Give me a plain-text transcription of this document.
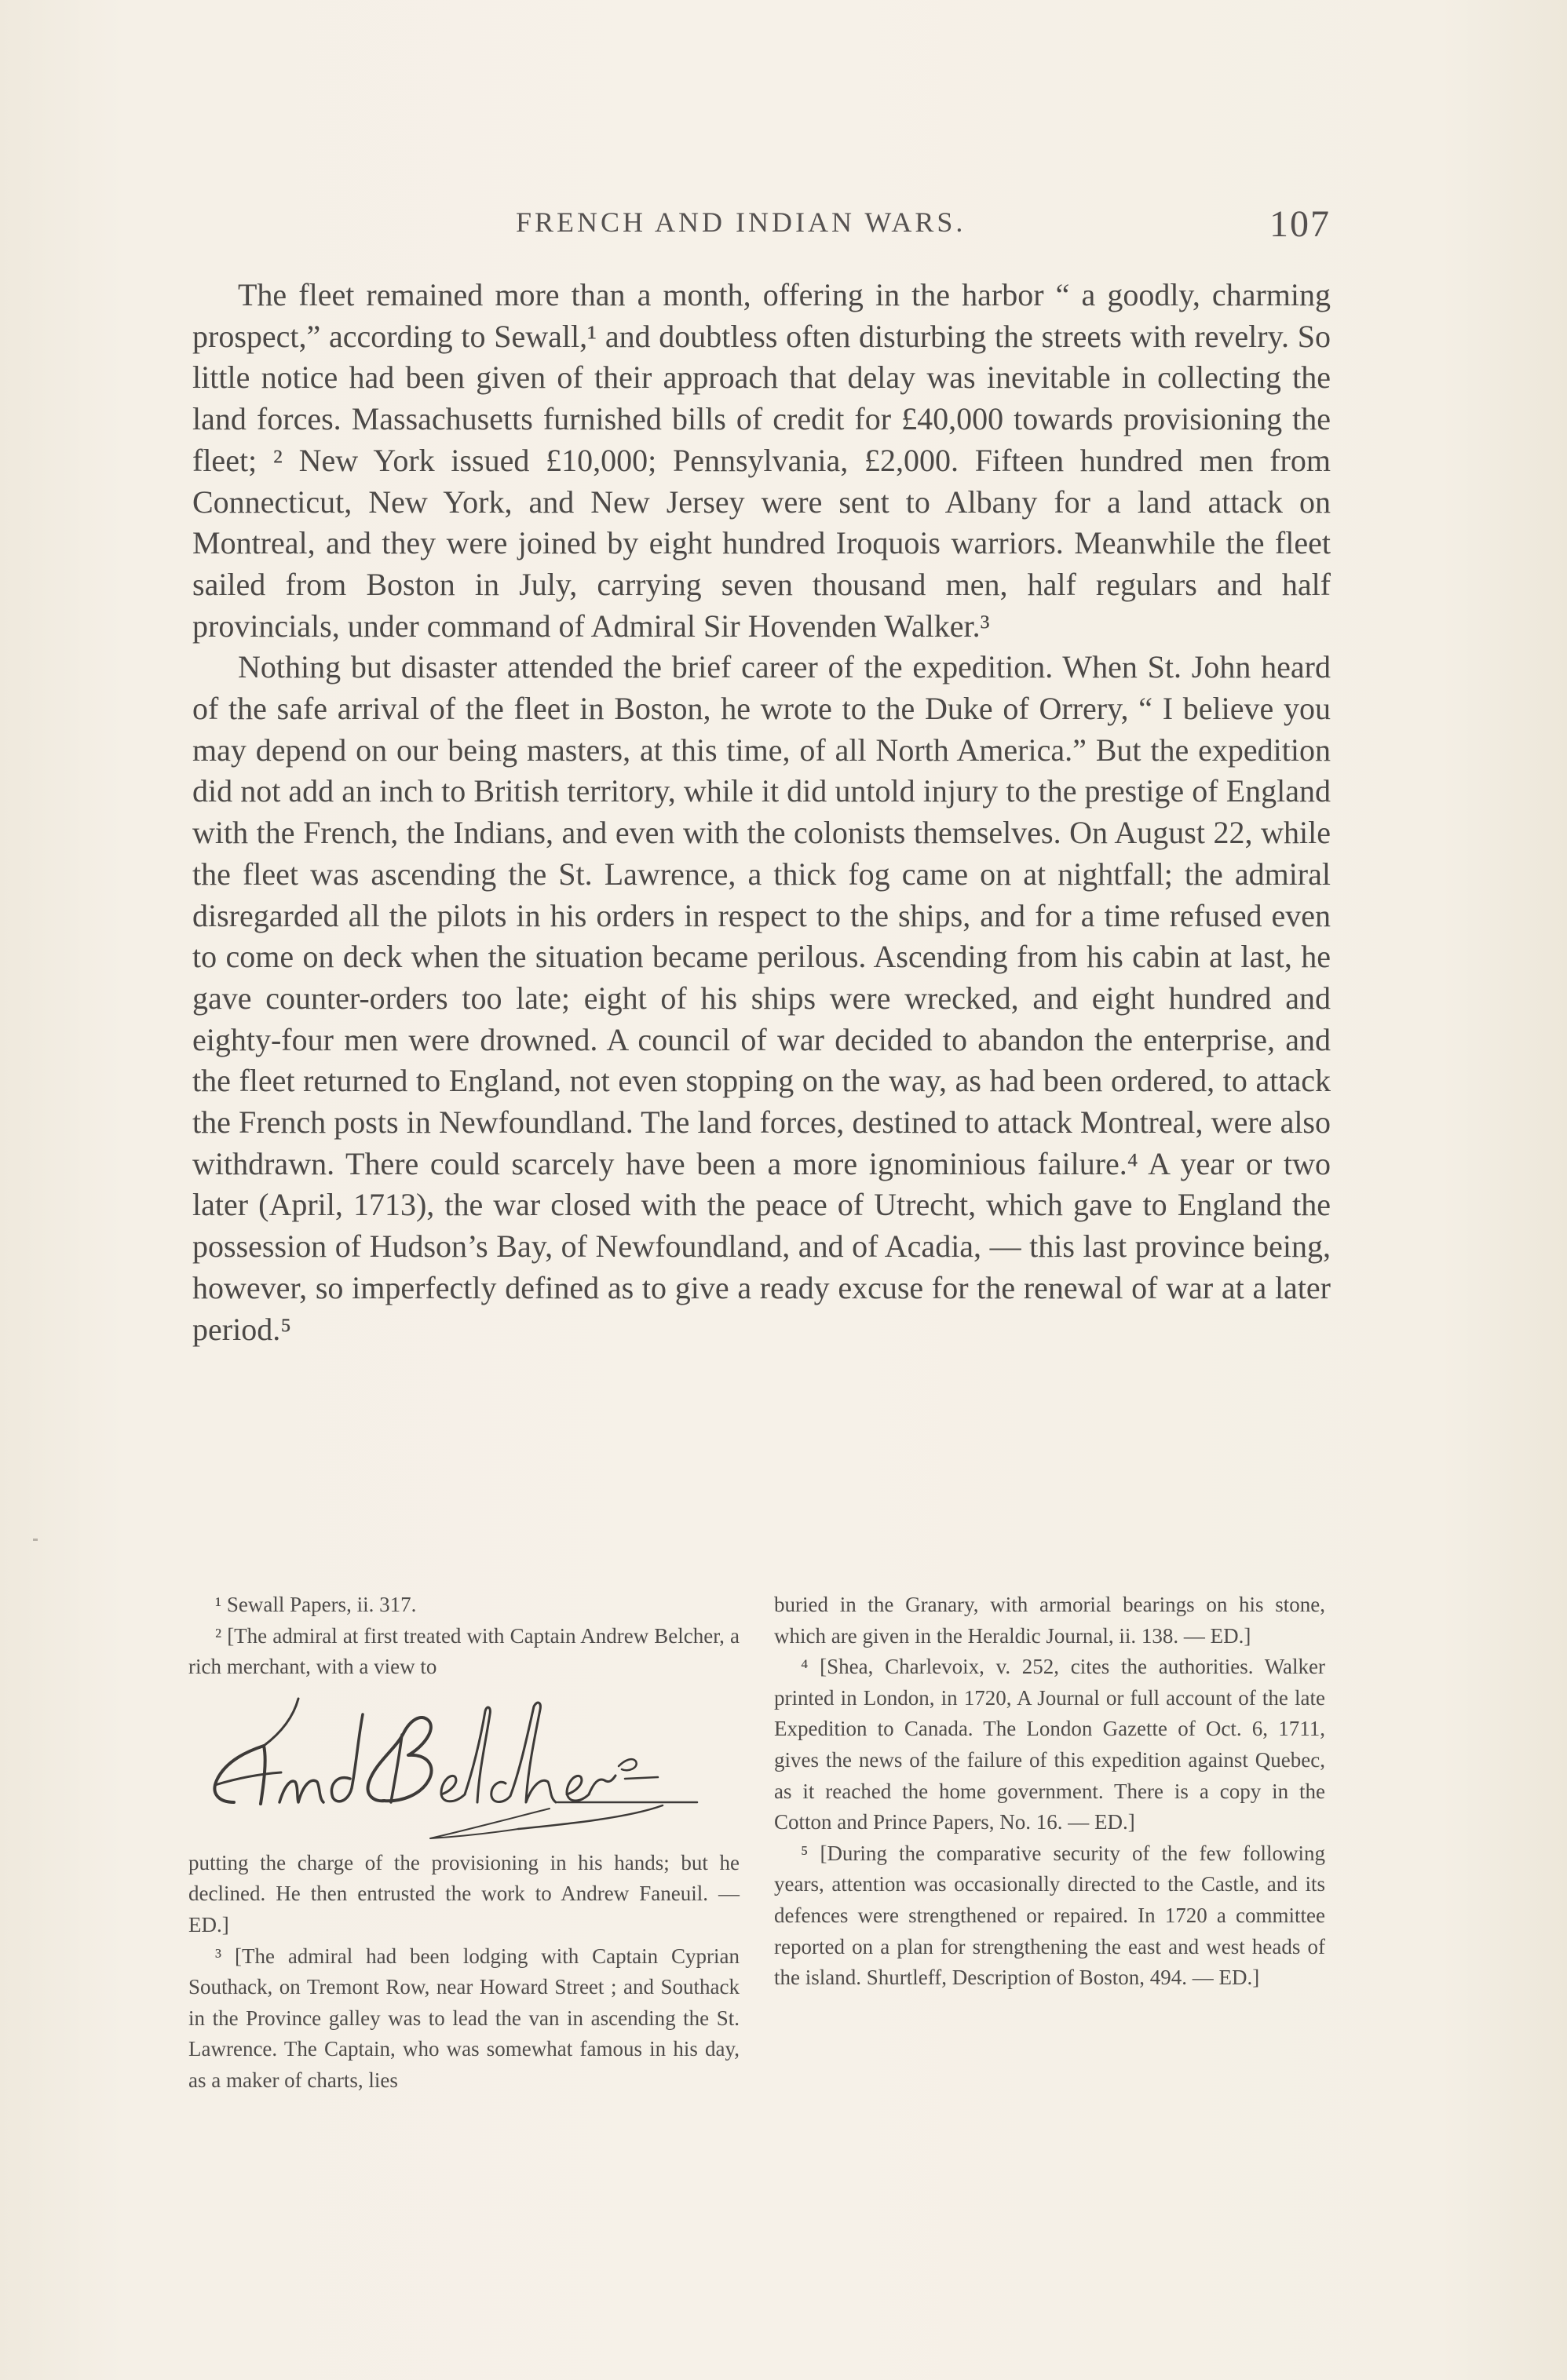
FRENCH AND INDIAN WARS.	107

The fleet remained more than a month, offering in the harbor “ a goodly, charming prospect,” according to Sewall,¹ and doubtless often disturbing the streets with revelry. So little notice had been given of their approach that delay was inevitable in collecting the land forces. Massachusetts furnished bills of credit for £40,000 towards provisioning the fleet; ² New York issued £10,000; Pennsylvania, £2,000. Fifteen hundred men from Connecticut, New York, and New Jersey were sent to Albany for a land attack on Montreal, and they were joined by eight hundred Iroquois warriors. Meanwhile the fleet sailed from Boston in July, carrying seven thousand men, half regulars and half provincials, under command of Admiral Sir Hovenden Walker.³

Nothing but disaster attended the brief career of the expedition. When St. John heard of the safe arrival of the fleet in Boston, he wrote to the Duke of Orrery, “ I believe you may depend on our being masters, at this time, of all North America.” But the expedition did not add an inch to British territory, while it did untold injury to the prestige of England with the French, the Indians, and even with the colonists themselves. On August 22, while the fleet was ascending the St. Lawrence, a thick fog came on at nightfall; the admiral disregarded all the pilots in his orders in respect to the ships, and for a time refused even to come on deck when the situation became perilous. Ascending from his cabin at last, he gave counter-orders too late; eight of his ships were wrecked, and eight hundred and eighty-four men were drowned. A council of war decided to abandon the enterprise, and the fleet returned to England, not even stopping on the way, as had been ordered, to attack the French posts in Newfoundland. The land forces, destined to attack Montreal, were also withdrawn. There could scarcely have been a more ignominious failure.⁴ A year or two later (April, 1713), the war closed with the peace of Utrecht, which gave to England the possession of Hudson’s Bay, of Newfoundland, and of Acadia, — this last province being, however, so imperfectly defined as to give a ready excuse for the renewal of war at a later period.⁵

¹ Sewall Papers, ii. 317.

² [The admiral at first treated with Captain Andrew Belcher, a rich merchant, with a view to

putting the charge of the provisioning in his hands; but he declined. He then entrusted the work to Andrew Faneuil. — ED.]

³ [The admiral had been lodging with Captain Cyprian Southack, on Tremont Row, near Howard Street ; and Southack in the Province galley was to lead the van in ascending the St. Lawrence. The Captain, who was somewhat famous in his day, as a maker of charts, lies

buried in the Granary, with armorial bearings on his stone, which are given in the Heraldic Journal, ii. 138. — ED.]

⁴ [Shea, Charlevoix, v. 252, cites the authorities. Walker printed in London, in 1720, A Journal or full account of the late Expedition to Canada. The London Gazette of Oct. 6, 1711, gives the news of the failure of this expedition against Quebec, as it reached the home government. There is a copy in the Cotton and Prince Papers, No. 16. — ED.]

⁵ [During the comparative security of the few following years, attention was occasionally directed to the Castle, and its defences were strengthened or repaired. In 1720 a committee reported on a plan for strengthening the east and west heads of the island. Shurtleff, Description of Boston, 494. — ED.]
